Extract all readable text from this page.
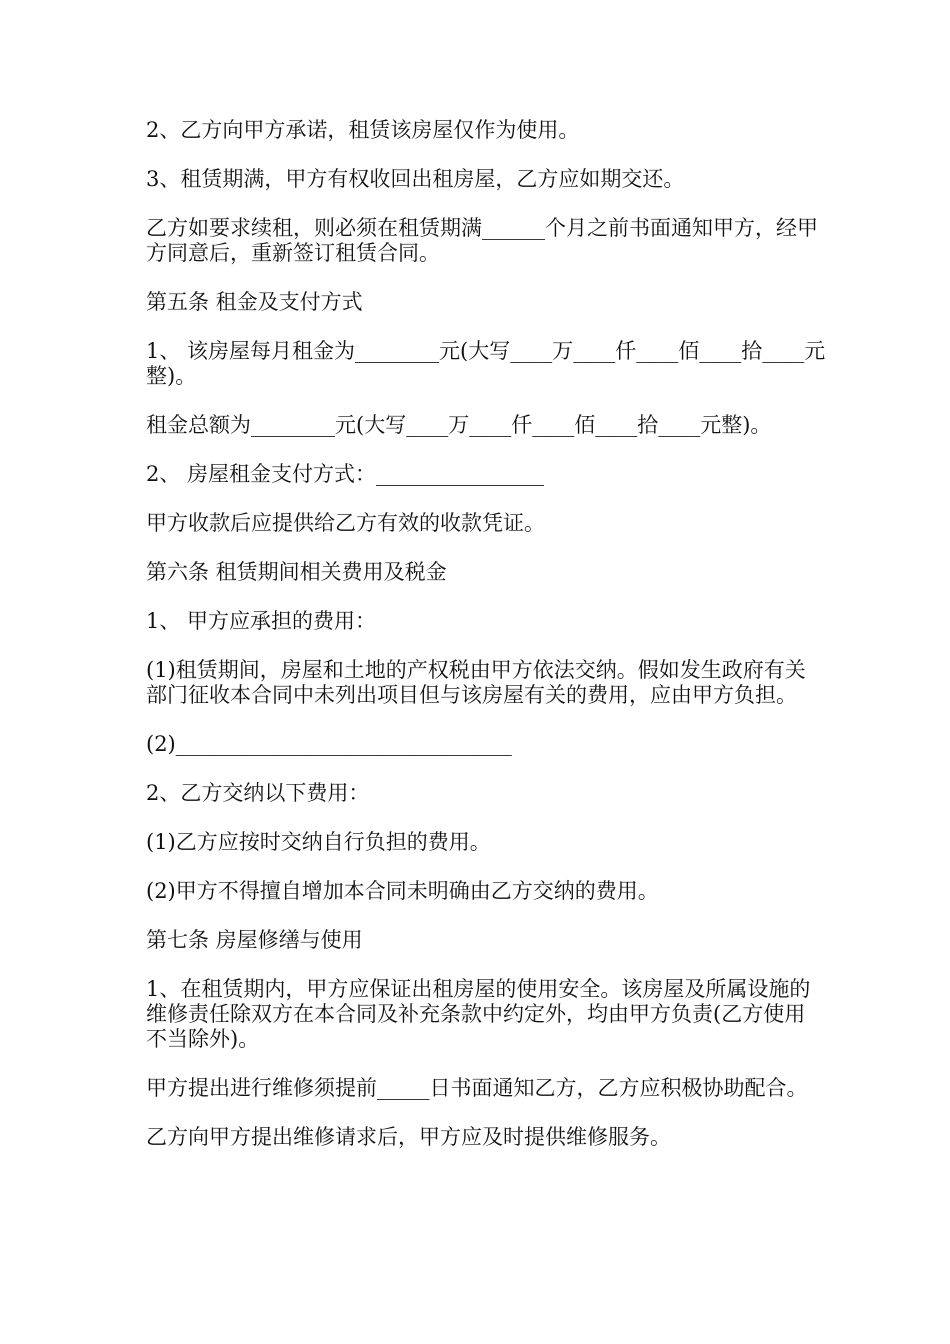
2、乙方向甲方承诺，租赁该房屋仅作为使用。

3、租赁期满，甲方有权收回出租房屋，乙方应如期交还。

乙方如要求续租，则必须在租赁期满______个月之前书面通知甲方，经甲方同意后，重新签订租赁合同。

第五条 租金及支付方式

1、 该房屋每月租金为________元(大写____万____仟____佰____拾____元整)。

租金总额为________元(大写____万____仟____佰____拾____元整)。

2、 房屋租金支付方式：________________

甲方收款后应提供给乙方有效的收款凭证。

第六条 租赁期间相关费用及税金

1、 甲方应承担的费用：

(1)租赁期间，房屋和土地的产权税由甲方依法交纳。假如发生政府有关部门征收本合同中未列出项目但与该房屋有关的费用，应由甲方负担。

(2)________________________________

2、乙方交纳以下费用：

(1)乙方应按时交纳自行负担的费用。

(2)甲方不得擅自增加本合同未明确由乙方交纳的费用。

第七条 房屋修缮与使用

1、在租赁期内，甲方应保证出租房屋的使用安全。该房屋及所属设施的维修责任除双方在本合同及补充条款中约定外，均由甲方负责(乙方使用不当除外)。

甲方提出进行维修须提前_____日书面通知乙方，乙方应积极协助配合。

乙方向甲方提出维修请求后，甲方应及时提供维修服务。
